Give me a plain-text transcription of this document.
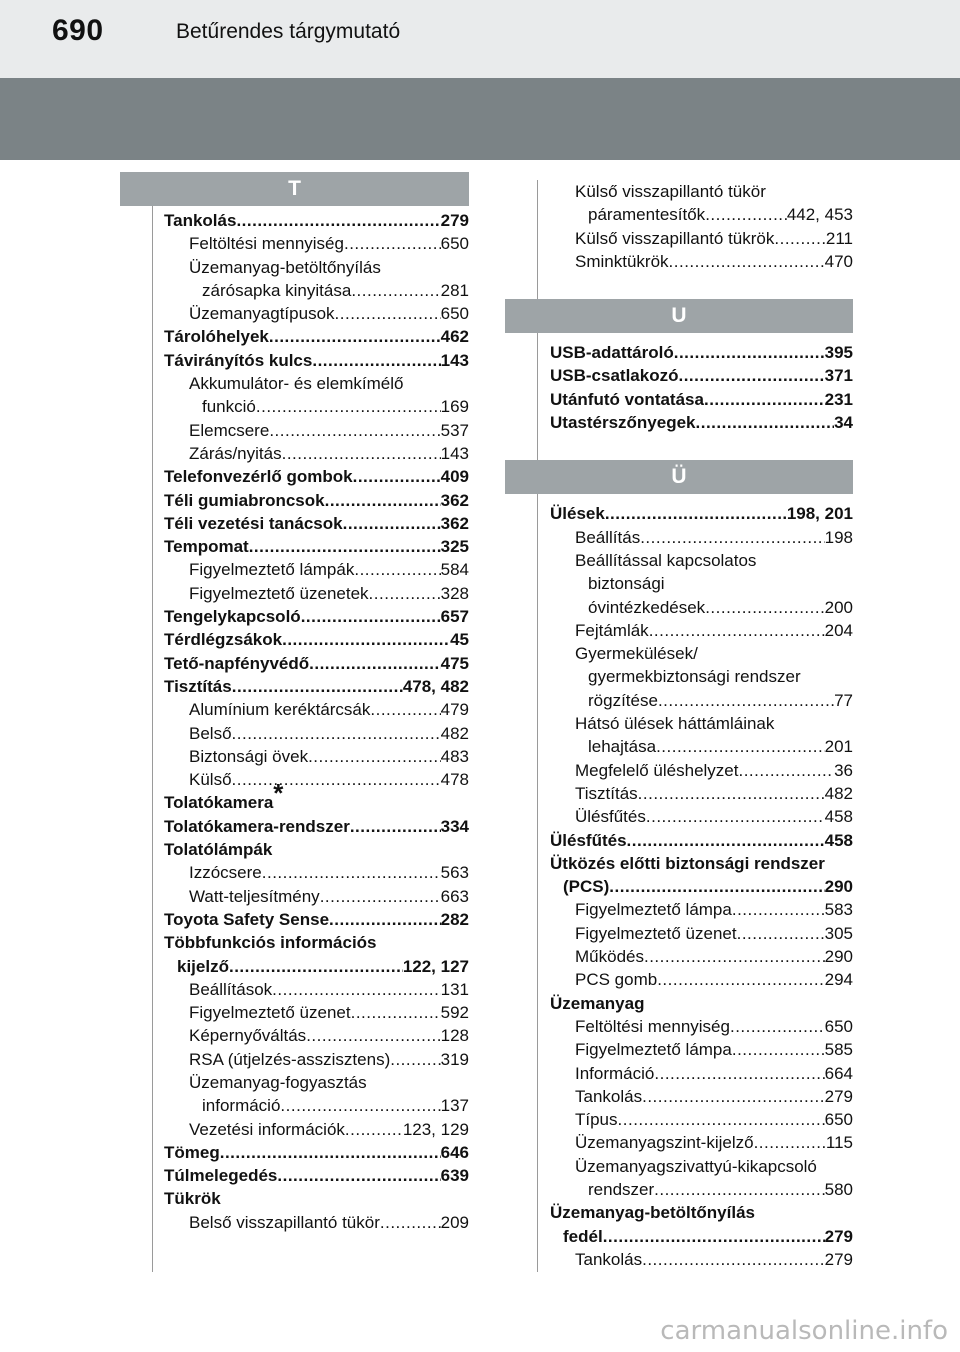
690	Betűrendes tárgymutató
T
Tankolás .....	279
Feltöltési mennyiség .....	650
Üzemanyag-betöltőnyílás
zárósapka kinyitása .....	281
Üzemanyagtípusok .....	650
Tárolóhelyek .....	462
Távirányítós kulcs .....	143
Akkumulátor- és elemkímélő
funkció .....	169
Elemcsere .....	537
Zárás/nyitás .....	143
Telefonvezérlő gombok .....	409
Téli gumiabroncsok .....	362
Téli vezetési tanácsok .....	362
Tempomat .....	325
Figyelmeztető lámpák .....	584
Figyelmeztető üzenetek .....	328
Tengelykapcsoló .....	657
Térdlégzsákok .....	45
Tető-napfényvédő .....	475
Tisztítás .....	478, 482
Alumínium keréktárcsák .....	479
Belső .....	482
Biztonsági övek .....	483
Külső .....	478
Tolatókamera*
Tolatókamera-rendszer .....	334
Tolatólámpák
Izzócsere .....	563
Watt-teljesítmény .....	663
Toyota Safety Sense .....	282
Többfunkciós információs
kijelző .....	122, 127
Beállítások .....	131
Figyelmeztető üzenet .....	592
Képernyőváltás .....	128
RSA (útjelzés-asszisztens) .....	319
Üzemanyag-fogyasztás
információ .....	137
Vezetési információk .....	123, 129
Tömeg .....	646
Túlmelegedés .....	639
Tükrök
Belső visszapillantó tükör .....	209
Külső visszapillantó tükör
páramentesítők .....	442, 453
Külső visszapillantó tükrök .....	211
Sminktükrök .....	470
U
USB-adattároló .....	395
USB-csatlakozó .....	371
Utánfutó vontatása .....	231
Utastérszőnyegek .....	34
Ü
Ülések .....	198, 201
Beállítás .....	198
Beállítással kapcsolatos
biztonsági
óvintézkedések .....	200
Fejtámlák .....	204
Gyermekülések/
gyermekbiztonsági rendszer
rögzítése .....	77
Hátsó ülések háttámláinak
lehajtása .....	201
Megfelelő üléshelyzet .....	36
Tisztítás .....	482
Ülésfűtés .....	458
Ülésfűtés .....	458
Ütközés előtti biztonsági rendszer
(PCS) .....	290
Figyelmeztető lámpa .....	583
Figyelmeztető üzenet .....	305
Működés .....	290
PCS gomb .....	294
Üzemanyag
Feltöltési mennyiség .....	650
Figyelmeztető lámpa .....	585
Információ .....	664
Tankolás .....	279
Típus .....	650
Üzemanyagszint-kijelző .....	115
Üzemanyagszivattyú-kikapcsoló
rendszer .....	580
Üzemanyag-betöltőnyílás
fedél .....	279
Tankolás .....	279
carmanualsonline.info
